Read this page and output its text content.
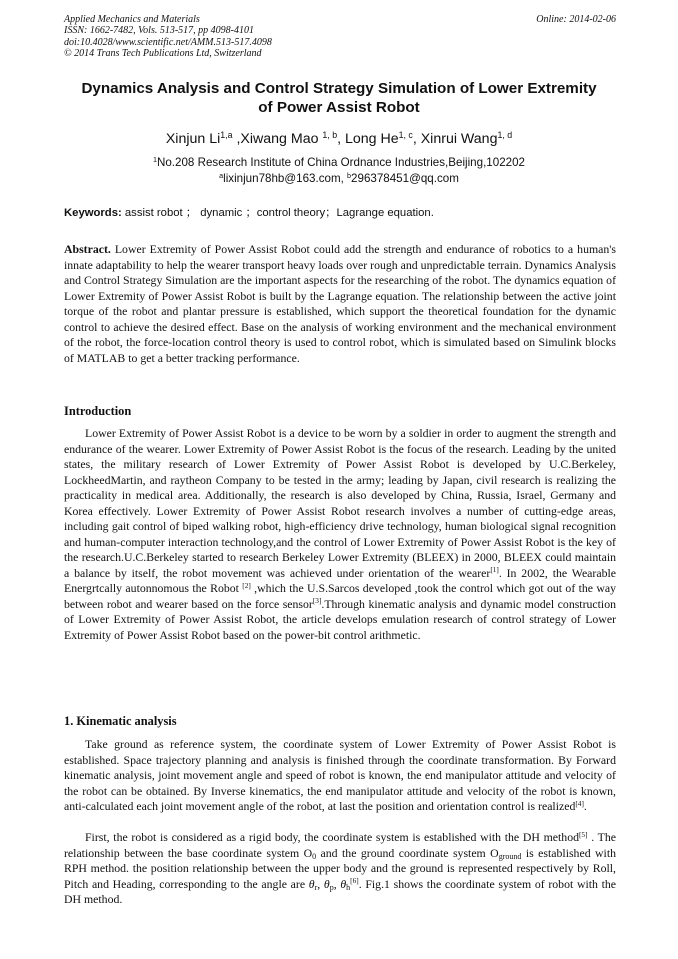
Applied Mechanics and Materials
ISSN: 1662-7482, Vols. 513-517, pp 4098-4101
doi:10.4028/www.scientific.net/AMM.513-517.4098
© 2014 Trans Tech Publications Ltd, Switzerland
Online: 2014-02-06
Dynamics Analysis and Control Strategy Simulation of Lower Extremity
of Power Assist Robot
Xinjun Li$^{1,a}$ ,Xiwang Mao $^{1, b}$, Long He$^{1, c}$, Xinrui Wang$^{1, d}$
$^1$No.208 Research Institute of China Ordnance Industries,Beijing,102202
$^a$lixinjun78hb@163.com, $^b$296378451@qq.com
Keywords: assist robot ； dynamic ；control theory；Lagrange equation.

Abstract. Lower Extremity of Power Assist Robot could add the strength and endurance of robotics to a human's innate adaptability to help the wearer transport heavy loads over rough and unpredictable terrain. Dynamics Analysis and Control Strategy Simulation are the important aspects for the researching of the robot. The dynamics equation of Lower Extremity of Power Assist Robot is built by the Lagrange equation. The relationship between the active joint torque of the robot and plantar pressure is established, which support the theoretical foundation for the dynamic control to achieve the desired effect. Base on the analysis of working environment and the mechanical environment of the robot, the force-location control theory is used to control robot, which is simulated based on Simulink blocks of MATLAB to get a better tracking performance.

Introduction

Lower Extremity of Power Assist Robot is a device to be worn by a soldier in order to augment the strength and endurance of the wearer. Lower Extremity of Power Assist Robot is the focus of the research. Leading by the united states, the military research of Lower Extremity of Power Assist Robot is developed by U.C.Berkeley, LockheedMartin, and raytheon Company to be tested in the army; leading by Japan, civil research is realizing the practicality in medical area. Additionally, the research is also developed by China, Russia, Israel, Germany and Korea effectively. Lower Extremity of Power Assist Robot research involves a number of cutting-edge areas, including gait control of biped walking robot, high-efficiency drive technology, human biological signal recognition and human-computer interaction technology,and the control of Lower Extremity of Power Assist Robot is the key of the research.U.C.Berkeley started to research Berkeley Lower Extremity (BLEEX) in 2000, BLEEX could maintain a balance by itself, the robot movement was achieved under orientation of the wearer[1]. In 2002, the Wearable Energrtcally autonnomous the Robot [2] ,which the U.S.Sarcos developed ,took the control which got out of the way between robot and wearer based on the force sensor[3].Through kinematic analysis and dynamic model construction of Lower Extremity of Power Assist Robot, the article develops emulation research of control strategy of Lower Extremity of Power Assist Robot based on the power-bit control arithmetic.

1. Kinematic analysis

Take ground as reference system, the coordinate system of Lower Extremity of Power Assist Robot is established. Space trajectory planning and analysis is finished through the coordinate transformation. By Forward kinematic analysis, joint movement angle and speed of robot is known, the end manipulator attitude and velocity of the robot can be obtained. By Inverse kinematics, the end manipulator attitude and velocity of the robot is known, anti-calculated each joint movement angle of the robot, at last the position and orientation control is realized[4].

First, the robot is considered as a rigid body, the coordinate system is established with the DH method[5] . The relationship between the base coordinate system $O_0$ and the ground coordinate system $O_{ground}$ is established with RPH method. the position relationship between the upper body and the ground is represented respectively by Roll, Pitch and Heading, corresponding to the angle are $\theta_r$, $\theta_p$, $\theta_h[6]$. Fig.1 shows the coordinate system of robot with the DH method.
